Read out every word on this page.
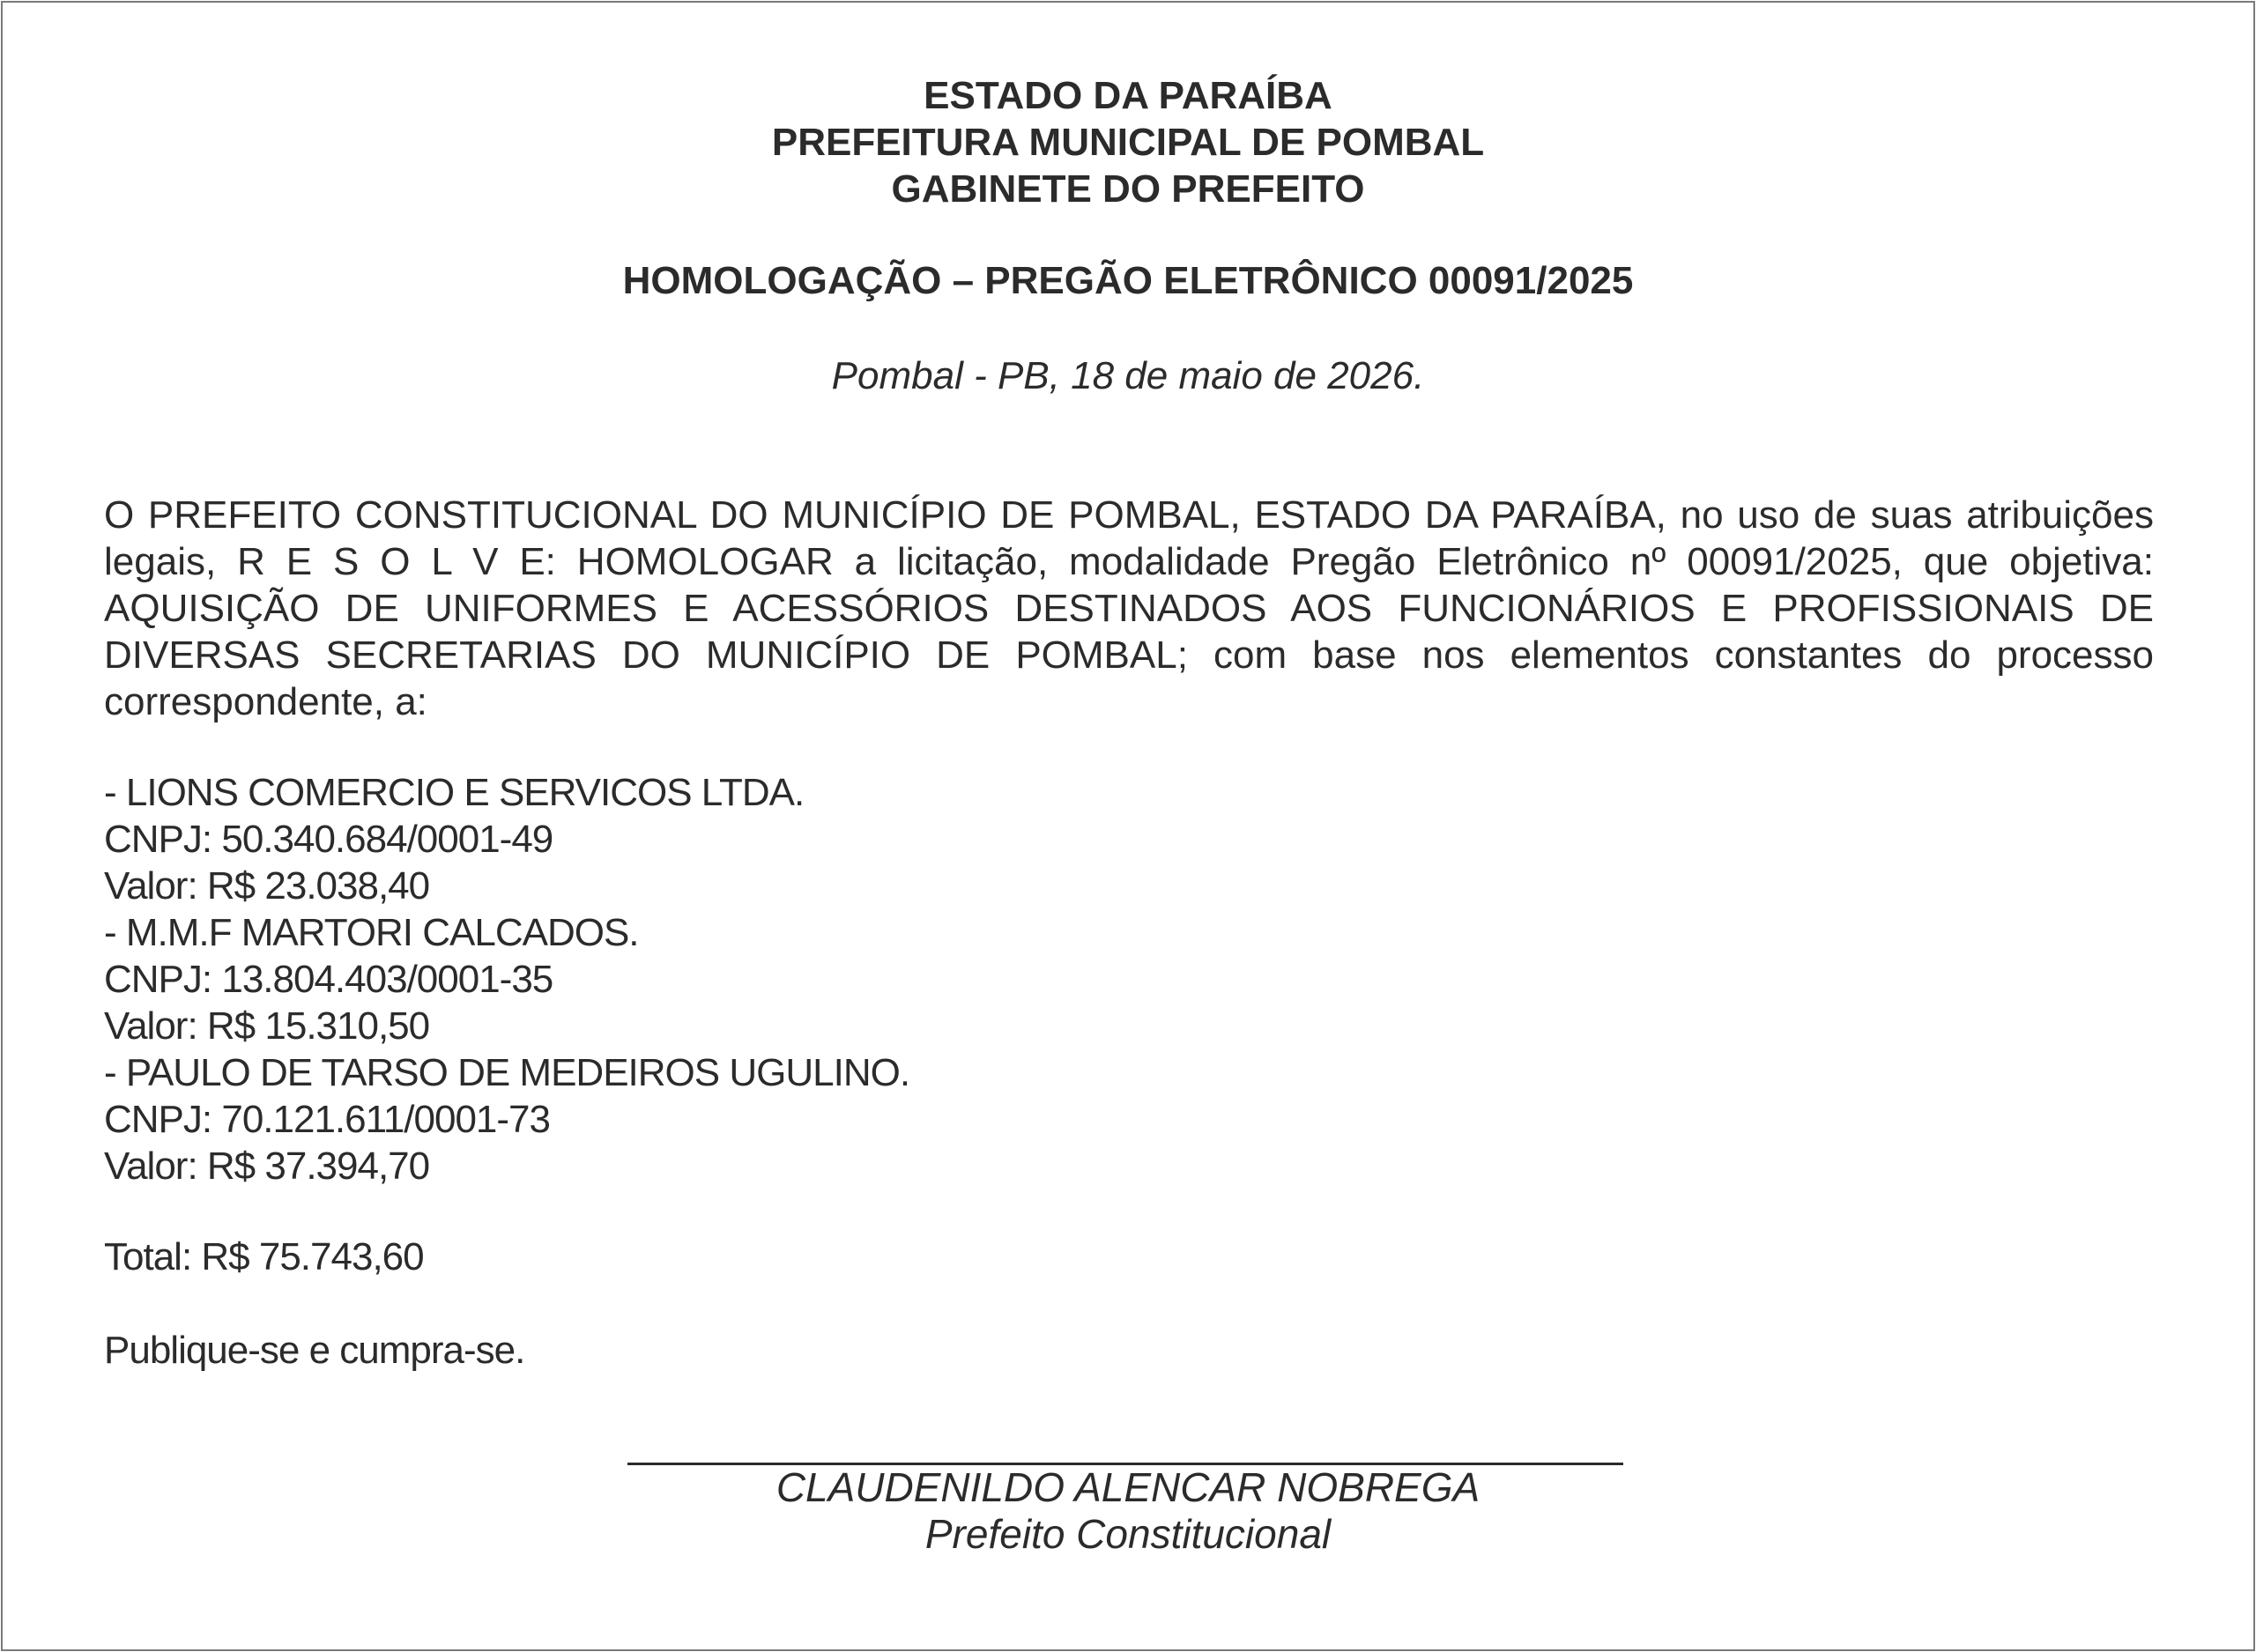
ESTADO DA PARAÍBA
PREFEITURA MUNICIPAL DE POMBAL
GABINETE DO PREFEITO
HOMOLOGAÇÃO – PREGÃO ELETRÔNICO 00091/2025
Pombal - PB, 18 de maio de 2026.

O PREFEITO CONSTITUCIONAL DO MUNICÍPIO DE POMBAL, ESTADO DA PARAÍBA, no uso de suas atribuições legais, R E S O L V E: HOMOLOGAR a licitação, modalidade Pregão Eletrônico nº 00091/2025, que objetiva: AQUISIÇÃO DE UNIFORMES E ACESSÓRIOS DESTINADOS AOS FUNCIONÁRIOS E PROFISSIONAIS DE DIVERSAS SECRETARIAS DO MUNICÍPIO DE POMBAL; com base nos elementos constantes do processo correspondente, a:

- LIONS COMERCIO E SERVICOS LTDA.
CNPJ: 50.340.684/0001-49
Valor: R$ 23.038,40
- M.M.F MARTORI CALCADOS.
CNPJ: 13.804.403/0001-35
Valor: R$ 15.310,50
- PAULO DE TARSO DE MEDEIROS UGULINO.
CNPJ: 70.121.611/0001-73
Valor: R$ 37.394,70
Total: R$ 75.743,60
Publique-se e cumpra-se.
CLAUDENILDO ALENCAR NOBREGA
Prefeito Constitucional
